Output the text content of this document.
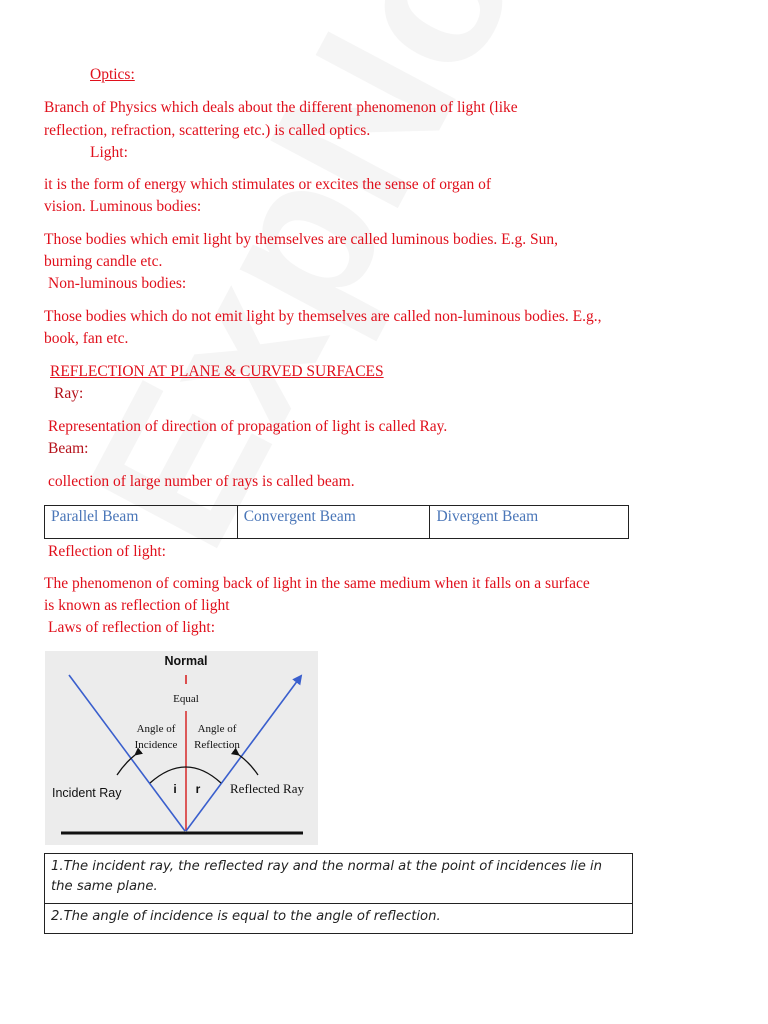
Optics:
Branch of Physics which deals about the different phenomenon of light (like
reflection, refraction, scattering etc.) is called optics.
Light:
it is the form of energy which stimulates or excites the sense of organ of
vision. Luminous bodies:
Those bodies which emit light by themselves are called luminous bodies. E.g. Sun,
burning candle etc.
Non-luminous bodies:
Those bodies which do not emit light by themselves are called non-luminous bodies. E.g.,
book, fan etc.
REFLECTION AT PLANE & CURVED SURFACES
Ray:
Representation of direction of propagation of light is called Ray.
Beam:
collection of large number of rays is called beam.
Parallel Beam	Convergent Beam	Divergent Beam
Reflection of light:
The phenomenon of coming back of light in the same medium when it falls on a surface
is known as reflection of light
Laws of reflection of light:
Normal
Equal
Angle of
Incidence
Angle of
Reflection
Incident Ray	Reflected Ray
i r
1.The incident ray, the reflected ray and the normal at the point of incidences lie in the same plane.
2.The angle of incidence is equal to the angle of reflection.
